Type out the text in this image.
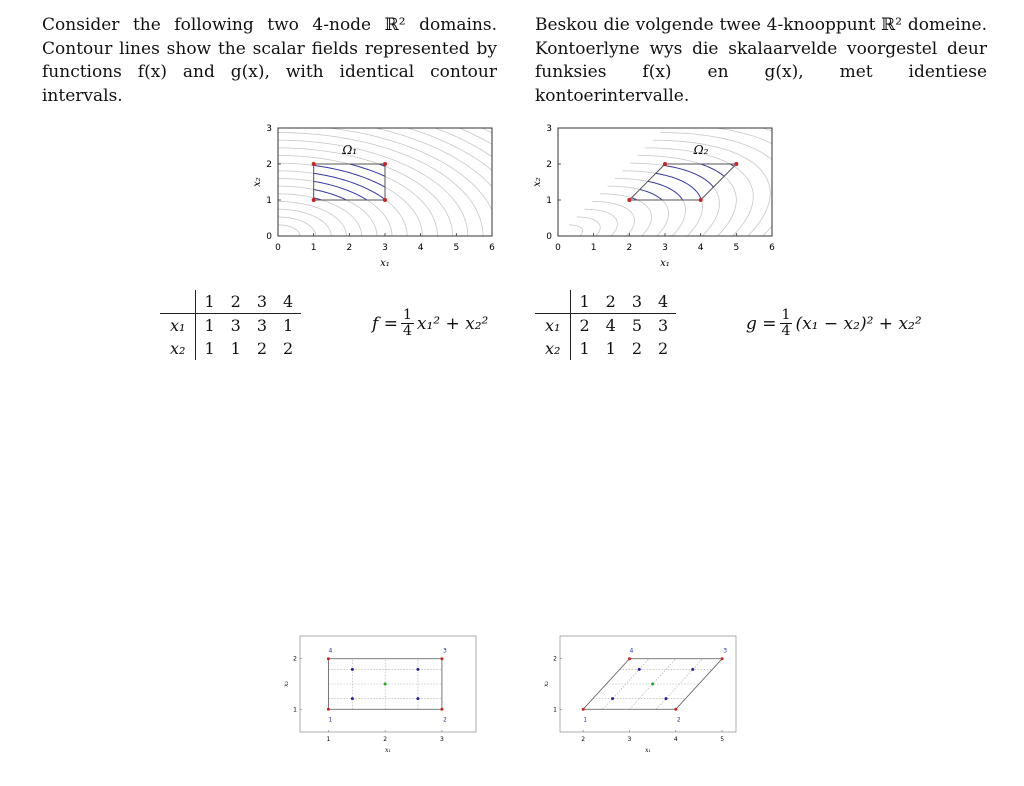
Consider the following two 4-node ℝ² domains. Contour lines show the scalar fields represented by functions f(x) and g(x), with identical contour intervals.
Beskou die volgende twee 4-knooppunt ℝ² domeine. Kontoerlyne wys die skalaarvelde voorgestel deur funksies f(x) en g(x), met identiese kontoerintervalle.
0	1	2	3	4	5	6
0
1
2
3
Ω₁
x₁
x₂
0	1	2	3	4	5	6
0
1
2
3
Ω₂
x₁
x₂
	1	2	3	4
x₁	1	3	3	1
x₂	1	1	2	2
	1	2	3	4
x₁	2	4	5	3
x₂	1	1	2	2
$f = \frac{1}{4} x_1^2 + x_2^2$	$g = \frac{1}{4} (x_1 - x_2)^2 + x_2^2$
1	2
3
4
1	2	3
1
2
x₁
x₂
1	2
3
4
2	3	4	5
1
2
x₁
x₂
